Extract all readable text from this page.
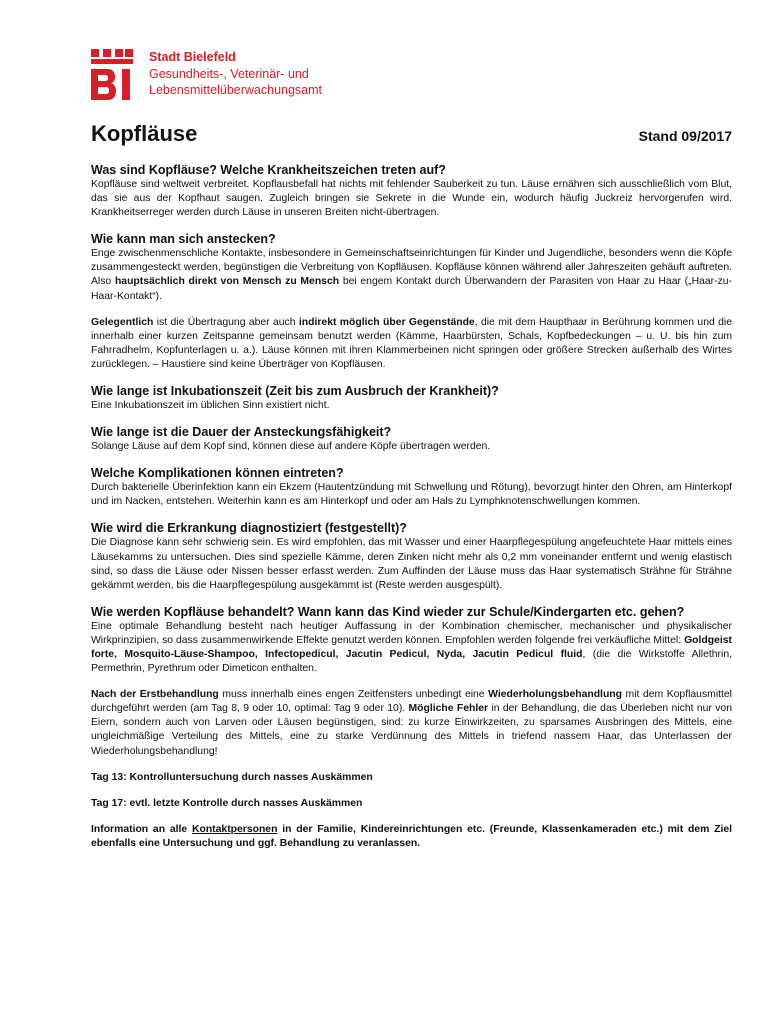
Stadt Bielefeld
Gesundheits-, Veterinär- und
Lebensmittelüberwachungsamt
Kopfläuse	Stand 09/2017
Was sind Kopfläuse? Welche Krankheitszeichen treten auf?

Kopfläuse sind weltweit verbreitet. Kopflausbefall hat nichts mit fehlender Sauberkeit zu tun. Läuse ernähren sich ausschließlich vom Blut, das sie aus der Kopfhaut saugen. Zugleich bringen sie Sekrete in die Wunde ein, wodurch häufig Juckreiz hervorgerufen wird. Krankheitserreger werden durch Läuse in unseren Breiten nicht-übertragen.

Wie kann man sich anstecken?

Enge zwischenmenschliche Kontakte, insbesondere in Gemeinschaftseinrichtungen für Kinder und Jugendliche, besonders wenn die Köpfe zusammengesteckt werden, begünstigen die Verbreitung von Kopfläusen. Kopfläuse können während aller Jahreszeiten gehäuft auftreten. Also hauptsächlich direkt von Mensch zu Mensch bei engem Kontakt durch Überwandern der Parasiten von Haar zu Haar („Haar-zu-Haar-Kontakt“).

Gelegentlich ist die Übertragung aber auch indirekt möglich über Gegenstände, die mit dem Haupthaar in Berührung kommen und die innerhalb einer kurzen Zeitspanne gemeinsam benutzt werden (Kämme, Haarbürsten, Schals, Kopfbedeckungen – u. U. bis hin zum Fahrradhelm, Kopfunterlagen u. a.). Läuse können mit ihren Klammerbeinen nicht springen oder größere Strecken außerhalb des Wirtes zurücklegen. – Haustiere sind keine Überträger von Kopfläusen.

Wie lange ist Inkubationszeit (Zeit bis zum Ausbruch der Krankheit)?

Eine Inkubationszeit im üblichen Sinn existiert nicht.

Wie lange ist die Dauer der Ansteckungsfähigkeit?

Solange Läuse auf dem Kopf sind, können diese auf andere Köpfe übertragen werden.

Welche Komplikationen können eintreten?

Durch bakterielle Überinfektion kann ein Ekzem (Hautentzündung mit Schwellung und Rötung), bevorzugt hinter den Ohren, am Hinterkopf und im Nacken, entstehen. Weiterhin kann es am Hinterkopf und oder am Hals zu Lymphknotenschwellungen kommen.

Wie wird die Erkrankung diagnostiziert (festgestellt)?

Die Diagnose kann sehr schwierig sein. Es wird empfohlen, das mit Wasser und einer Haarpflegespülung angefeuchtete Haar mittels eines Läusekamms zu untersuchen. Dies sind spezielle Kämme, deren Zinken nicht mehr als 0,2 mm voneinander entfernt und wenig elastisch sind, so dass die Läuse oder Nissen besser erfasst werden. Zum Auffinden der Läuse muss das Haar systematisch Strähne für Strähne gekämmt werden, bis die Haarpflegespülung ausgekämmt ist (Reste werden ausgespült).

Wie werden Kopfläuse behandelt? Wann kann das Kind wieder zur Schule/Kindergarten etc. gehen?

Eine optimale Behandlung besteht nach heutiger Auffassung in der Kombination chemischer, mechanischer und physikalischer Wirkprinzipien, so dass zusammenwirkende Effekte genutzt werden können. Empfohlen werden folgende frei verkäufliche Mittel: Goldgeist forte, Mosquito-Läuse-Shampoo, Infectopedicul, Jacutin Pedicul, Nyda, Jacutin Pedicul fluid, (die die Wirkstoffe Allethrin, Permethrin, Pyrethrum oder Dimeticon enthalten.

Nach der Erstbehandlung muss innerhalb eines engen Zeitfensters unbedingt eine Wiederholungsbehandlung mit dem Kopflausmittel durchgeführt werden (am Tag 8, 9 oder 10, optimal: Tag 9 oder 10). Mögliche Fehler in der Behandlung, die das Überleben nicht nur von Eiern, sondern auch von Larven oder Läusen begünstigen, sind: zu kurze Einwirkzeiten, zu sparsames Ausbringen des Mittels, eine ungleichmäßige Verteilung des Mittels, eine zu starke Verdünnung des Mittels in triefend nassem Haar, das Unterlassen der Wiederholungsbehandlung!

Tag 13: Kontrolluntersuchung durch nasses Auskämmen

Tag 17: evtl. letzte Kontrolle durch nasses Auskämmen

Information an alle Kontaktpersonen in der Familie, Kindereinrichtungen etc. (Freunde, Klassenkameraden etc.) mit dem Ziel ebenfalls eine Untersuchung und ggf. Behandlung zu veranlassen.
